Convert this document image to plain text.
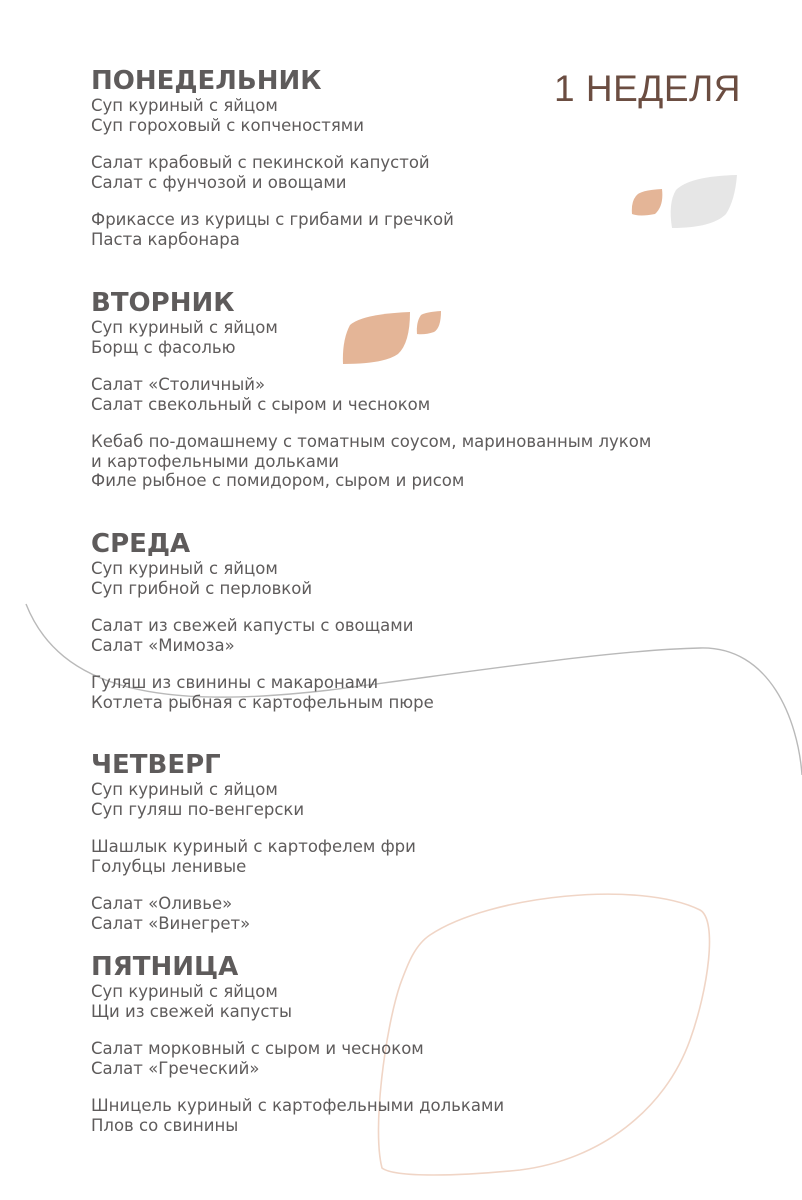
1 НЕДЕЛЯ
ПОНЕДЕЛЬНИК
Суп куриный с яйцом
Суп гороховый с копченостями
Салат крабовый с пекинской капустой
Салат с фунчозой и овощами
Фрикассе из курицы с грибами и гречкой
Паста карбонара
ВТОРНИК
Суп куриный с яйцом
Борщ с фасолью
Салат «Столичный»
Салат свекольный с сыром и чесноком
Кебаб по-домашнему с томатным соусом, маринованным луком
и картофельными дольками
Филе рыбное с помидором, сыром и рисом
СРЕДА
Суп куриный с яйцом
Суп грибной с перловкой
Салат из свежей капусты с овощами
Салат «Мимоза»
Гуляш из свинины с макаронами
Котлета рыбная с картофельным пюре
ЧЕТВЕРГ
Суп куриный с яйцом
Суп гуляш по-венгерски
Шашлык куриный с картофелем фри
Голубцы ленивые
Салат «Оливье»
Салат «Винегрет»
ПЯТНИЦА
Суп куриный с яйцом
Щи из свежей капусты
Салат морковный с сыром и чесноком
Салат «Греческий»
Шницель куриный с картофельными дольками
Плов со свинины
